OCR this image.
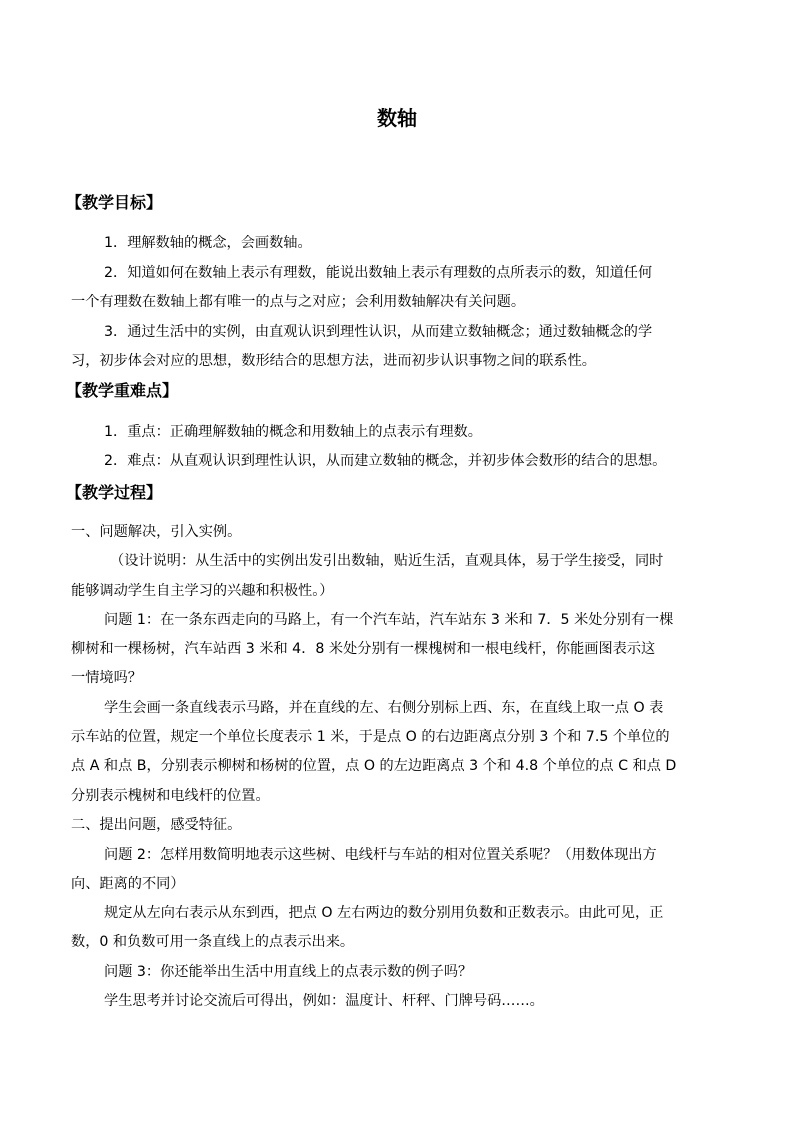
数轴
【教学目标】
1．理解数轴的概念，会画数轴。
2．知道如何在数轴上表示有理数，能说出数轴上表示有理数的点所表示的数，知道任何
一个有理数在数轴上都有唯一的点与之对应；会利用数轴解决有关问题。
3．通过生活中的实例，由直观认识到理性认识，从而建立数轴概念；通过数轴概念的学
习，初步体会对应的思想，数形结合的思想方法，进而初步认识事物之间的联系性。
【教学重难点】
1．重点：正确理解数轴的概念和用数轴上的点表示有理数。
2．难点：从直观认识到理性认识，从而建立数轴的概念，并初步体会数形的结合的思想。
【教学过程】
一、问题解决，引入实例。
（设计说明：从生活中的实例出发引出数轴，贴近生活，直观具体，易于学生接受，同时
能够调动学生自主学习的兴趣和积极性。）
问题 1：在一条东西走向的马路上，有一个汽车站，汽车站东 3 米和 7．5 米处分别有一棵
柳树和一棵杨树，汽车站西 3 米和 4．8 米处分别有一棵槐树和一根电线杆，你能画图表示这
一情境吗？
学生会画一条直线表示马路，并在直线的左、右侧分别标上西、东，在直线上取一点 O 表
示车站的位置，规定一个单位长度表示 1 米，于是点 O 的右边距离点分别 3 个和 7.5 个单位的
点 A 和点 B，分别表示柳树和杨树的位置，点 O 的左边距离点 3 个和 4.8 个单位的点 C 和点 D
分别表示槐树和电线杆的位置。
二、提出问题，感受特征。
问题 2：怎样用数简明地表示这些树、电线杆与车站的相对位置关系呢？（用数体现出方
向、距离的不同）
规定从左向右表示从东到西，把点 O 左右两边的数分别用负数和正数表示。由此可见，正
数，0 和负数可用一条直线上的点表示出来。
问题 3：你还能举出生活中用直线上的点表示数的例子吗？
学生思考并讨论交流后可得出，例如：温度计、杆秤、门牌号码……。
